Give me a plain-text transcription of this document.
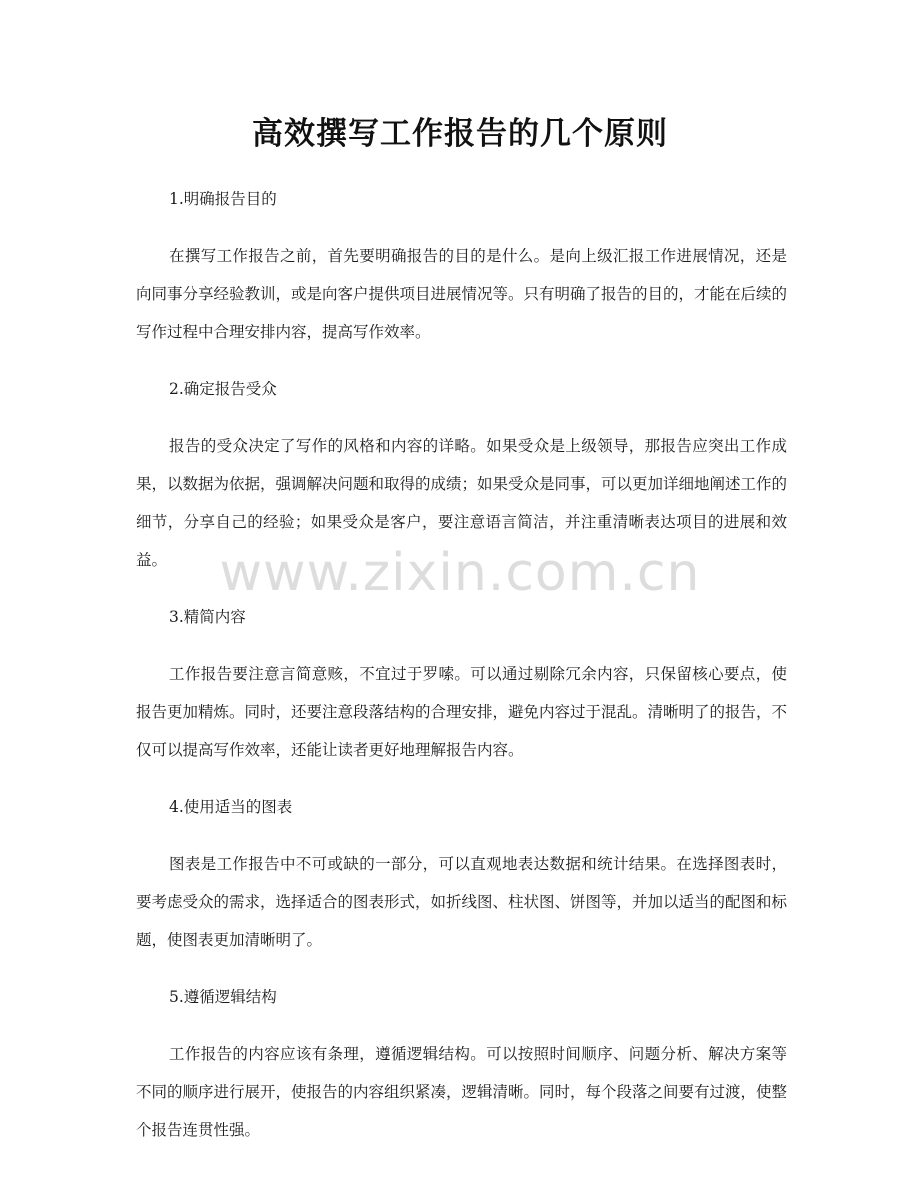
高效撰写工作报告的几个原则

1.明确报告目的

在撰写工作报告之前，首先要明确报告的目的是什么。是向上级汇报工作进展情况，还是向同事分享经验教训，或是向客户提供项目进展情况等。只有明确了报告的目的，才能在后续的写作过程中合理安排内容，提高写作效率。

2.确定报告受众

报告的受众决定了写作的风格和内容的详略。如果受众是上级领导，那报告应突出工作成果，以数据为依据，强调解决问题和取得的成绩；如果受众是同事，可以更加详细地阐述工作的细节，分享自己的经验；如果受众是客户，要注意语言简洁，并注重清晰表达项目的进展和效益。

3.精简内容

工作报告要注意言简意赅，不宜过于罗嗦。可以通过剔除冗余内容，只保留核心要点，使报告更加精炼。同时，还要注意段落结构的合理安排，避免内容过于混乱。清晰明了的报告，不仅可以提高写作效率，还能让读者更好地理解报告内容。

4.使用适当的图表

图表是工作报告中不可或缺的一部分，可以直观地表达数据和统计结果。在选择图表时，要考虑受众的需求，选择适合的图表形式，如折线图、柱状图、饼图等，并加以适当的配图和标题，使图表更加清晰明了。

5.遵循逻辑结构

工作报告的内容应该有条理，遵循逻辑结构。可以按照时间顺序、问题分析、解决方案等不同的顺序进行展开，使报告的内容组织紧凑，逻辑清晰。同时，每个段落之间要有过渡，使整个报告连贯性强。

www.zixin.com.cn
